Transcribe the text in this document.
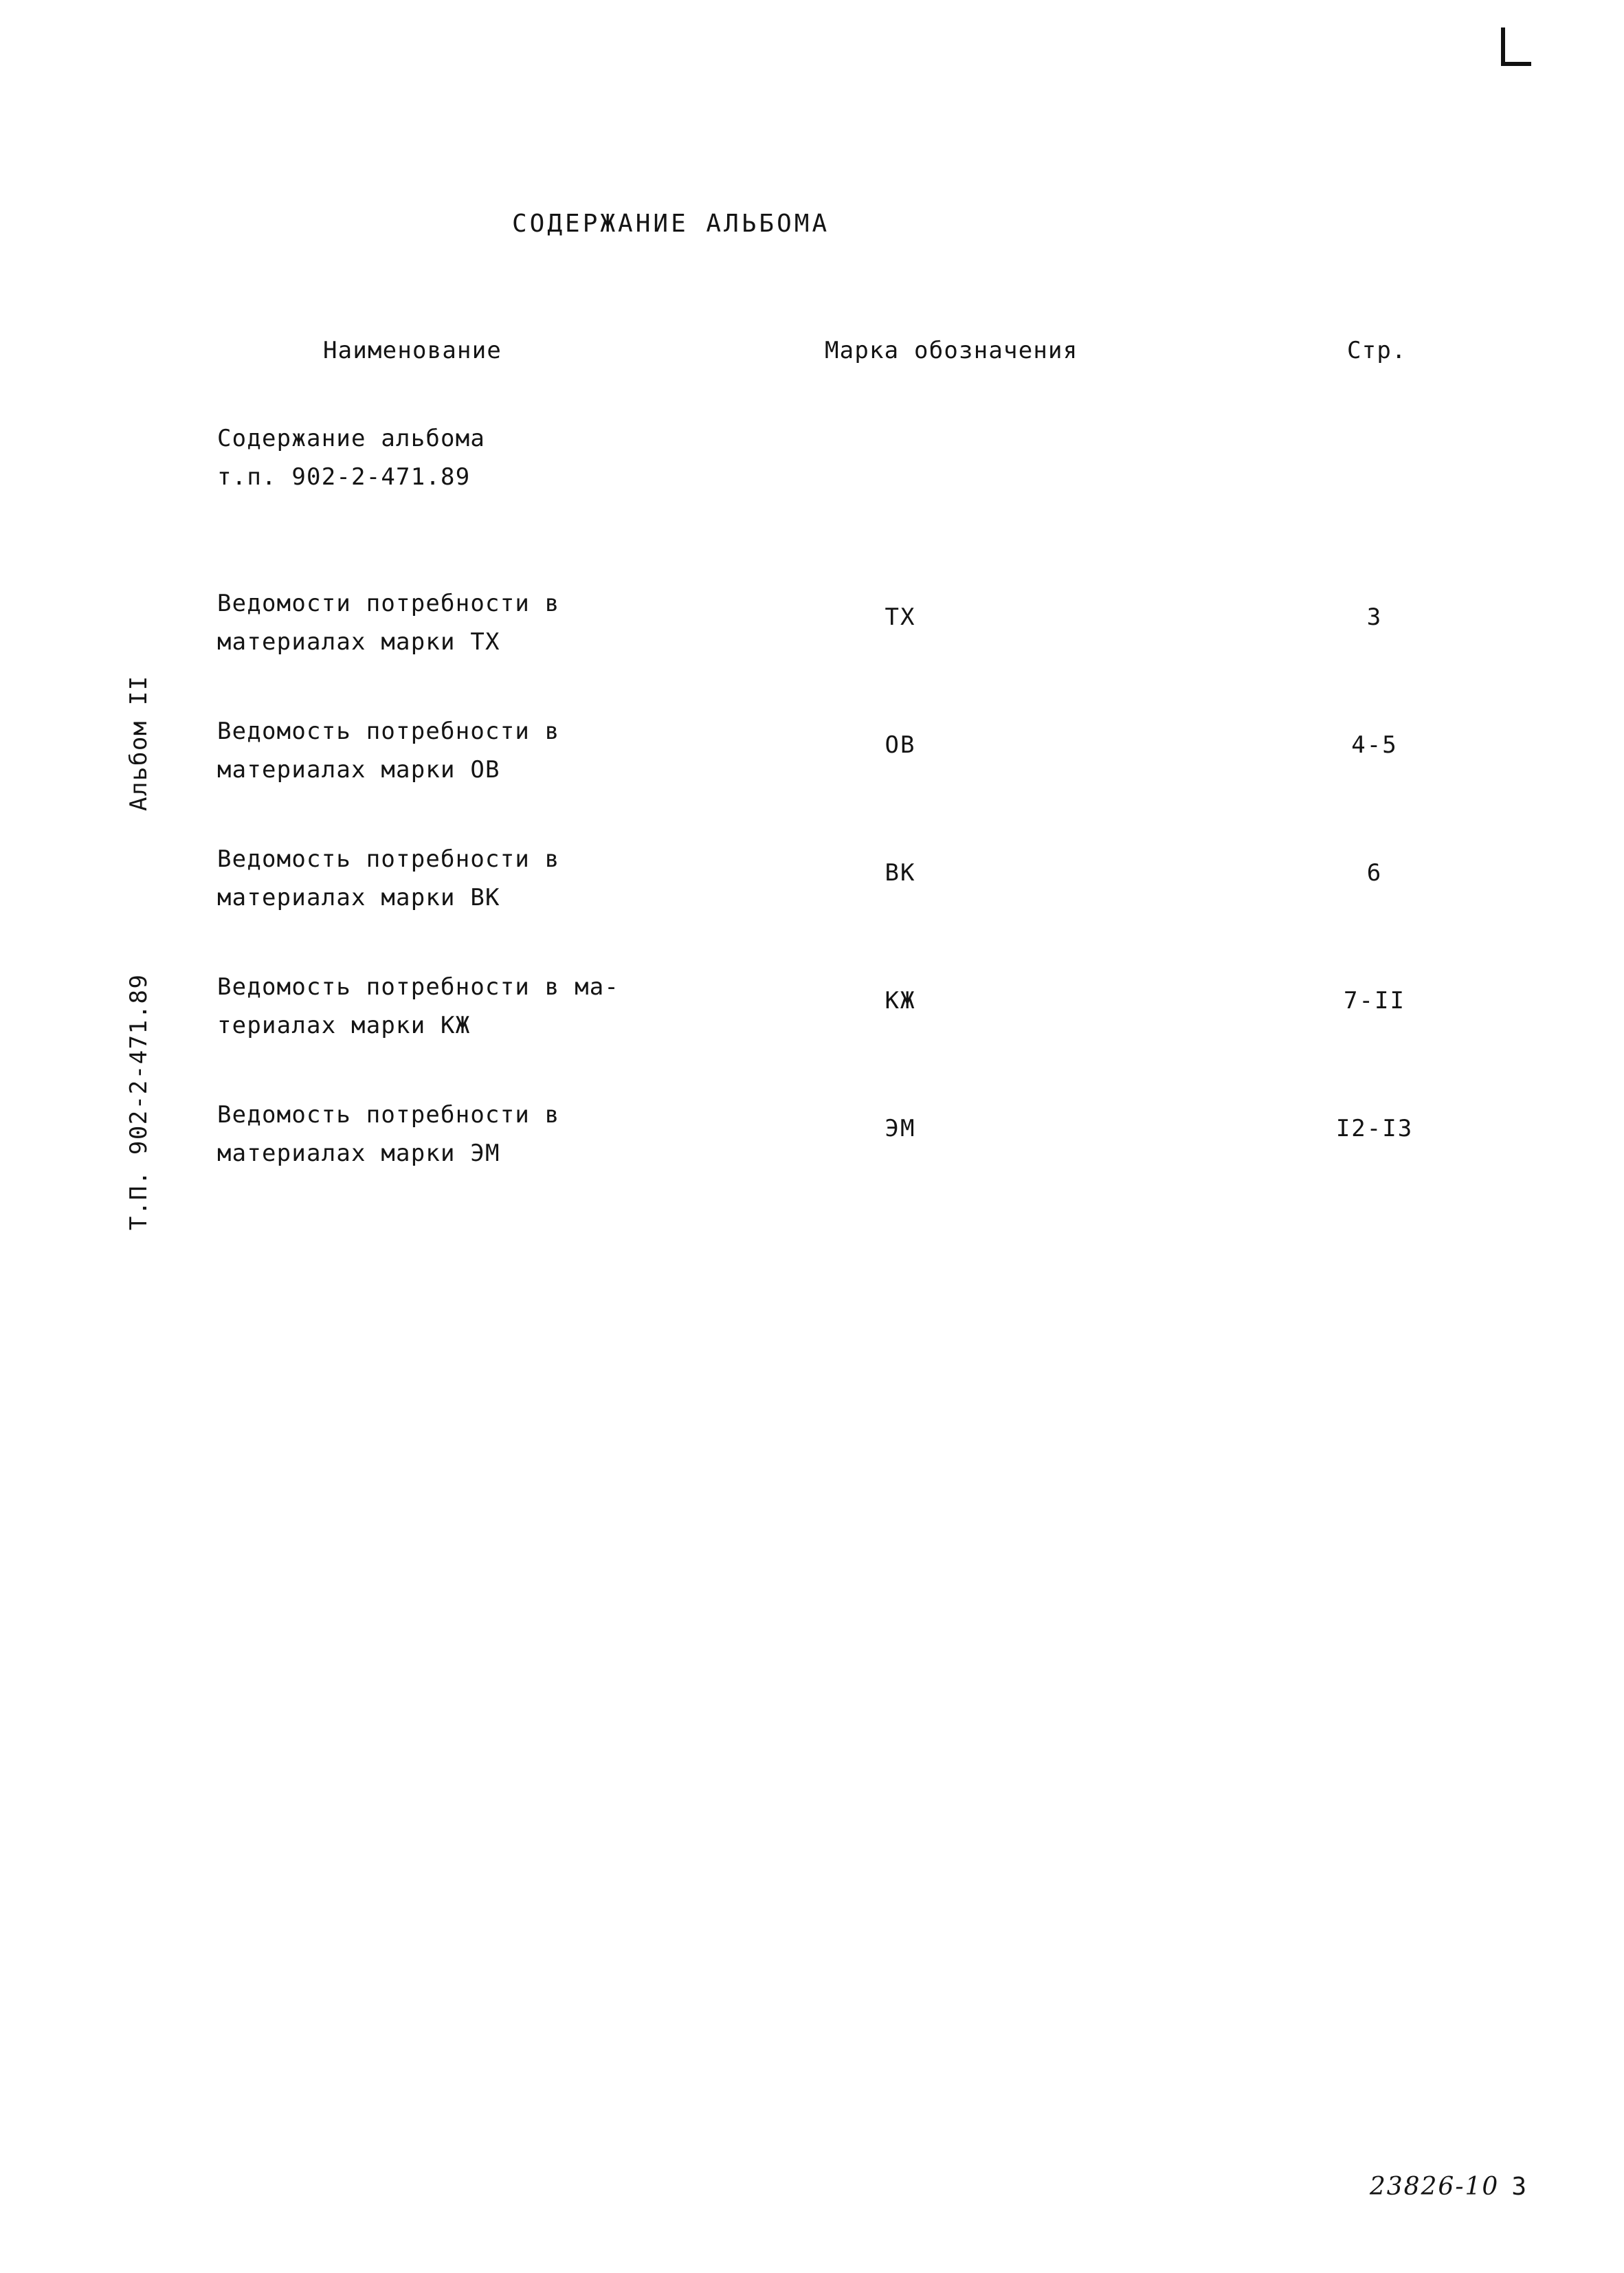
Альбом II
Т.П. 902-2-471.89
СОДЕРЖАНИЕ АЛЬБОМА
Наименование	Марка обозначения	Стр.
Содержание альбома
т.п. 902-2-471.89
Ведомости потребности в
материалах марки ТХ
ТХ	3
Ведомость потребности в
материалах марки ОВ
ОВ	4-5
Ведомость потребности в
материалах марки ВК
ВК	6
Ведомость потребности в ма-
териалах марки КЖ
КЖ	7-II
Ведомость потребности в
материалах марки ЭМ
ЭМ	I2-I3
23826-10 3
